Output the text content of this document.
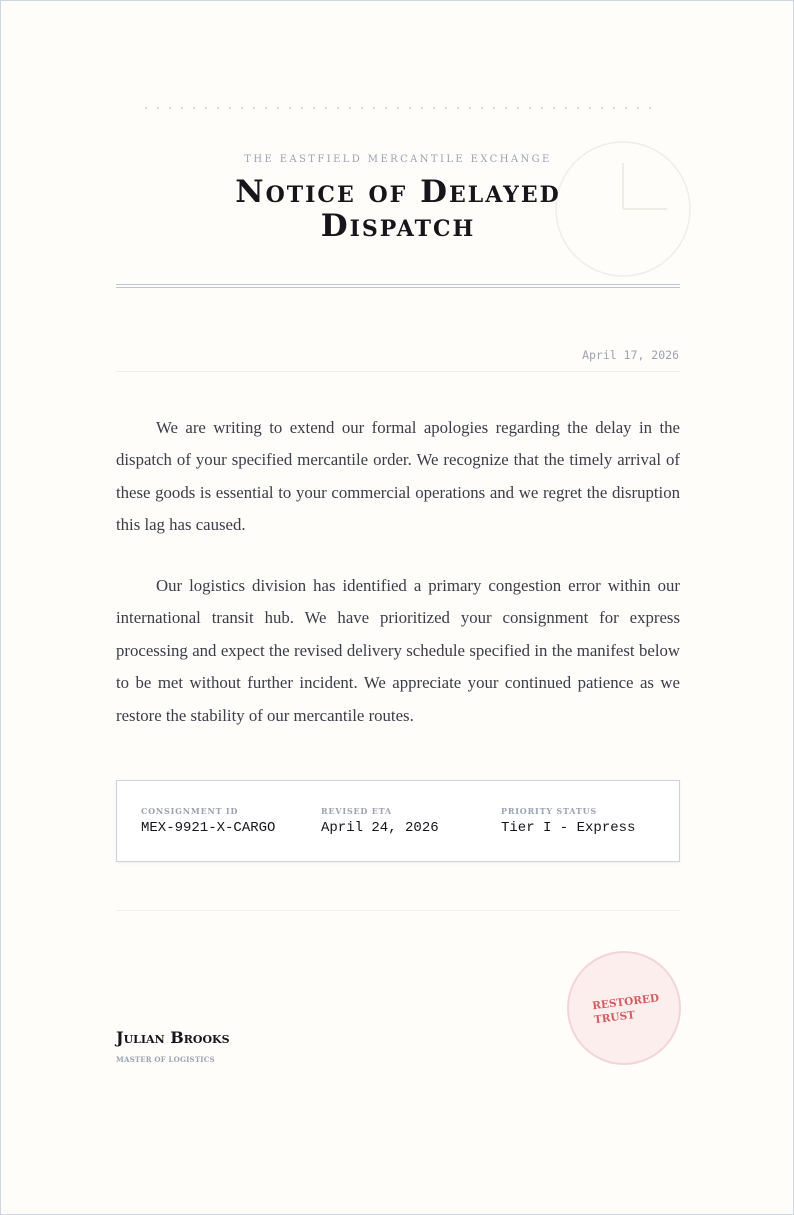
THE EASTFIELD MERCANTILE EXCHANGE
Notice of Delayed
Dispatch
April 17, 2026

We are writing to extend our formal apologies regarding the delay in the dispatch of your specified mercantile order. We recognize that the timely arrival of these goods is essential to your commercial operations and we regret the disruption this lag has caused.

Our logistics division has identified a primary congestion error within our international transit hub. We have prioritized your consignment for express processing and expect the revised delivery schedule specified in the manifest below to be met without further incident. We appreciate your continued patience as we restore the stability of our mercantile routes.

CONSIGNMENT ID
MEX-9921-X-CARGO
REVISED ETA
April 24, 2026
PRIORITY STATUS
Tier I - Express
Julian Brooks
MASTER OF LOGISTICS
RESTORED
TRUST
